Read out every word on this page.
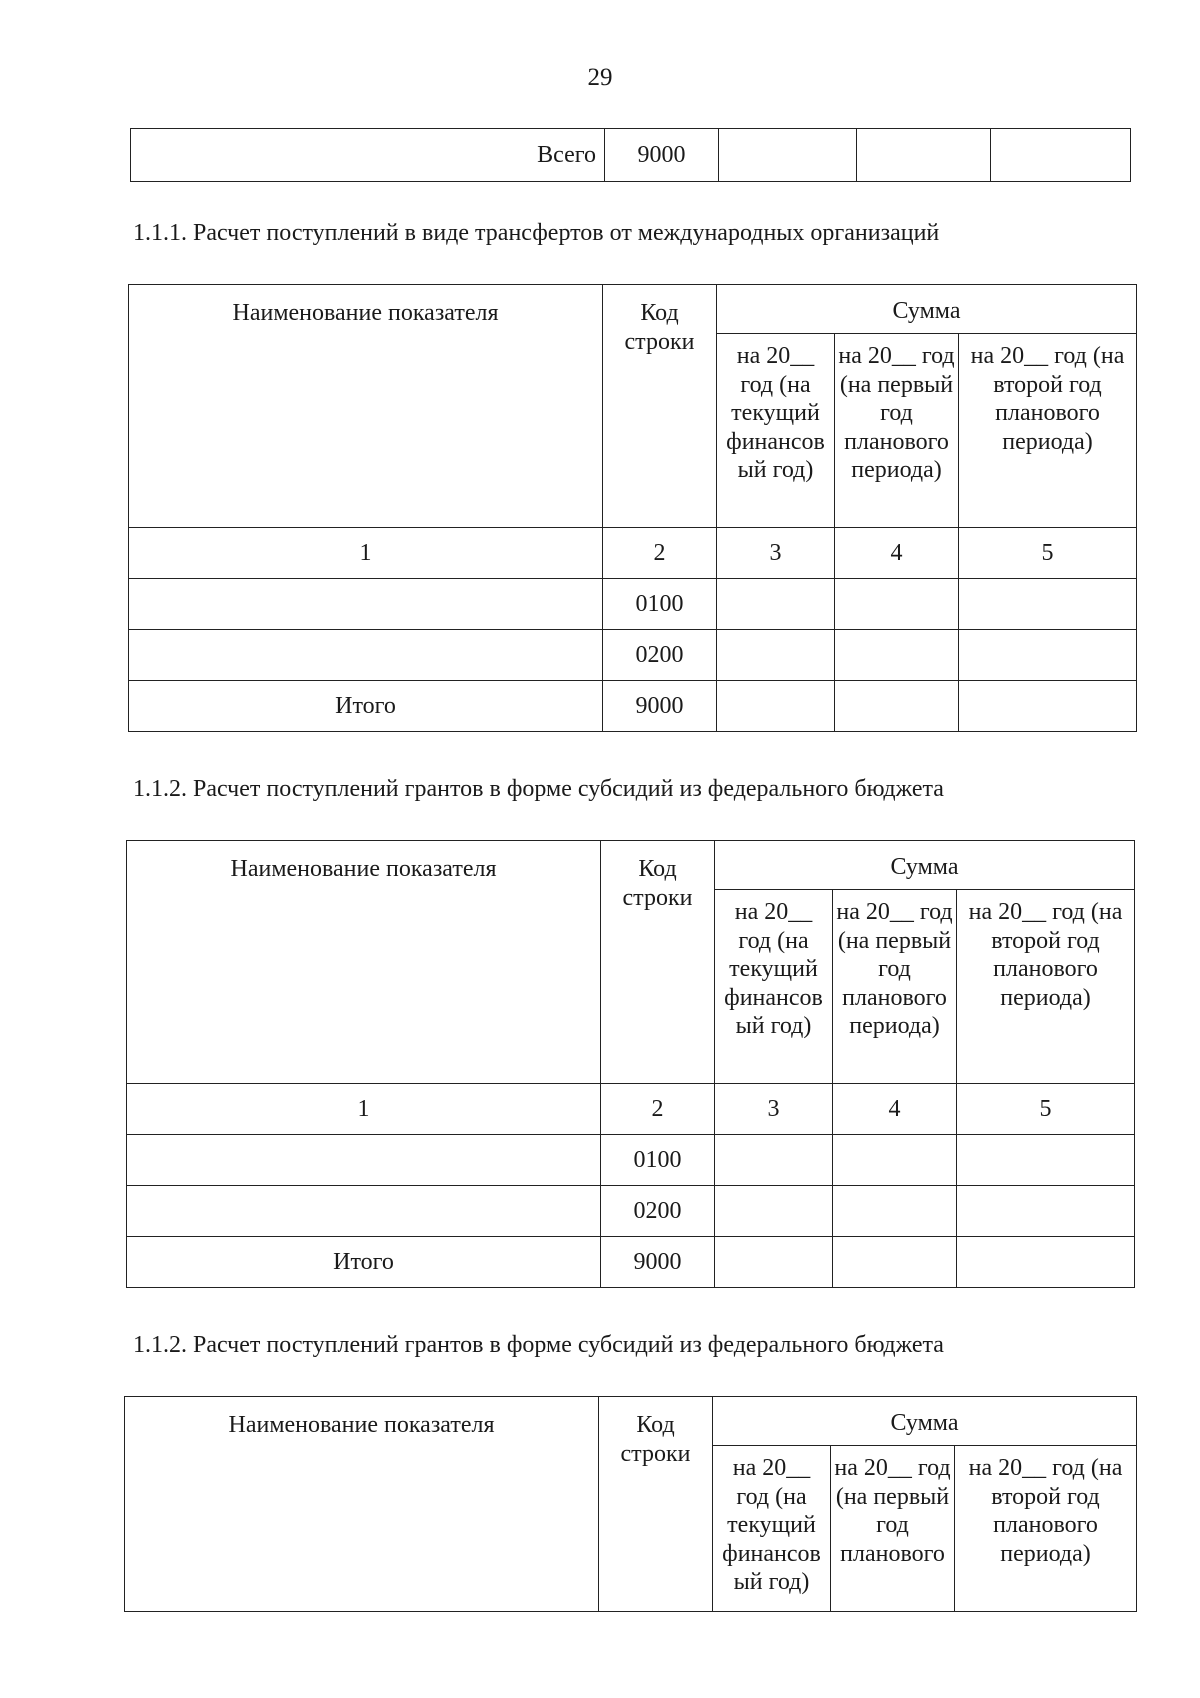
29
Всего	9000			
1.1.1. Расчет поступлений в виде трансфертов от международных организаций
Наименование показателя	Код строки	Сумма		
		на 20__ год (на текущий финансов ый год)	на 20__ год (на первый год планового периода)	на 20__ год (на второй год планового периода)
1	2	3	4	5
	0100			
	0200			
Итого	9000			
1.1.2. Расчет поступлений грантов в форме субсидий из федерального бюджета
Наименование показателя	Код строки	Сумма		
		на 20__ год (на текущий финансов ый год)	на 20__ год (на первый год планового периода)	на 20__ год (на второй год планового периода)
1	2	3	4	5
	0100			
	0200			
Итого	9000			
1.1.2. Расчет поступлений грантов в форме субсидий из федерального бюджета
Наименование показателя	Код строки	Сумма		
		на 20__ год (на текущий финансов ый год)	на 20__ год (на первый год планового	на 20__ год (на второй год планового периода)
